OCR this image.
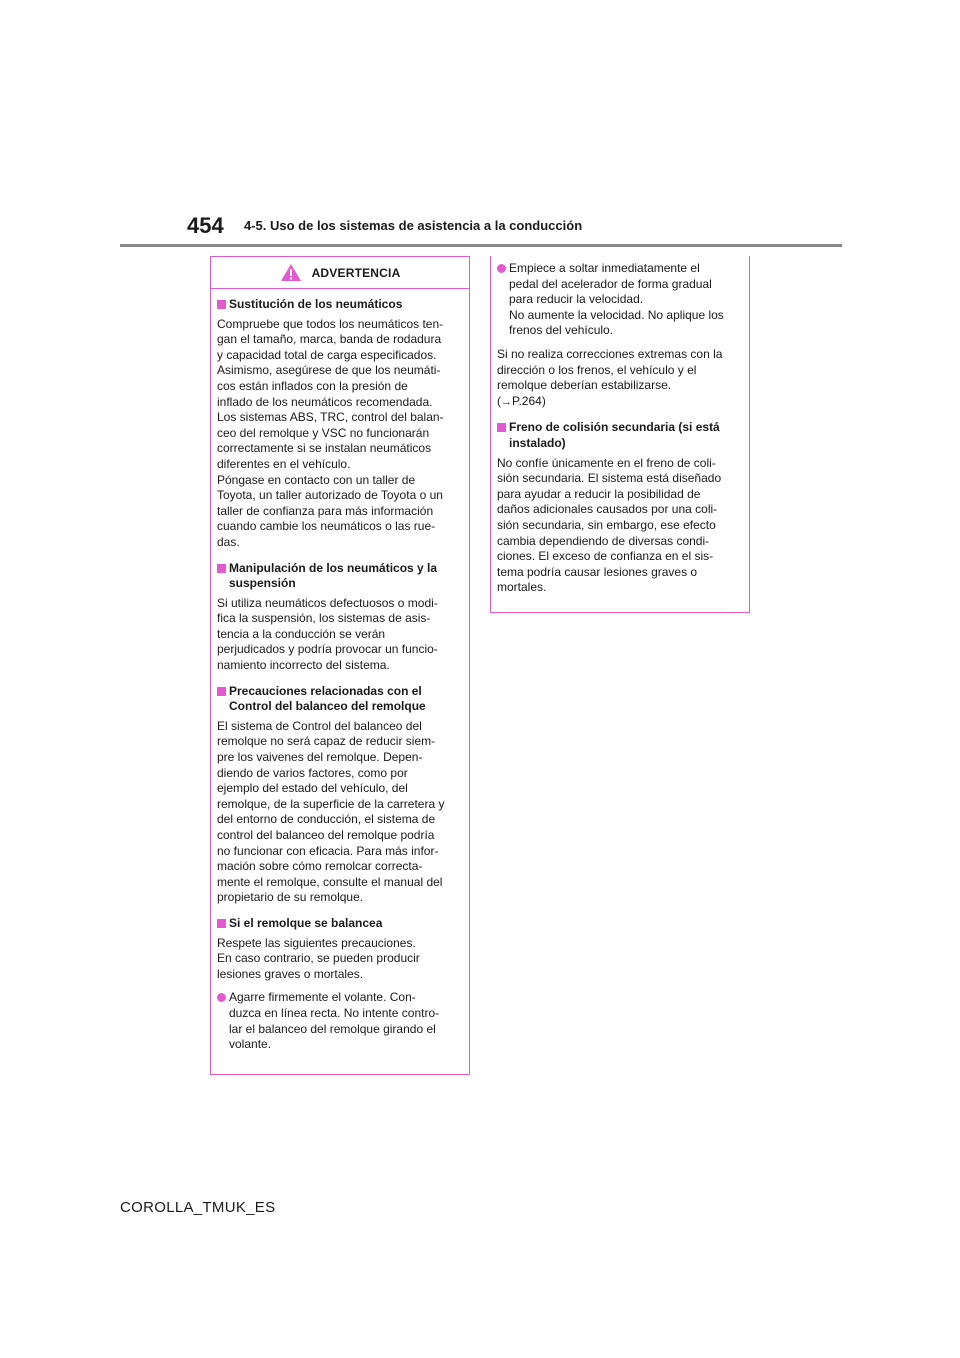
454 4-5. Uso de los sistemas de asistencia a la conducción
ADVERTENCIA
Sustitución de los neumáticos
Compruebe que todos los neumáticos ten-
gan el tamaño, marca, banda de rodadura
y capacidad total de carga especificados.
Asimismo, asegúrese de que los neumáti-
cos están inflados con la presión de
inflado de los neumáticos recomendada.
Los sistemas ABS, TRC, control del balan-
ceo del remolque y VSC no funcionarán
correctamente si se instalan neumáticos
diferentes en el vehículo.
Póngase en contacto con un taller de
Toyota, un taller autorizado de Toyota o un
taller de confianza para más información
cuando cambie los neumáticos o las rue-
das.
Manipulación de los neumáticos y la
suspensión
Si utiliza neumáticos defectuosos o modi-
fica la suspensión, los sistemas de asis-
tencia a la conducción se verán
perjudicados y podría provocar un funcio-
namiento incorrecto del sistema.
Precauciones relacionadas con el
Control del balanceo del remolque
El sistema de Control del balanceo del
remolque no será capaz de reducir siem-
pre los vaivenes del remolque. Depen-
diendo de varios factores, como por
ejemplo del estado del vehículo, del
remolque, de la superficie de la carretera y
del entorno de conducción, el sistema de
control del balanceo del remolque podría
no funcionar con eficacia. Para más infor-
mación sobre cómo remolcar correcta-
mente el remolque, consulte el manual del
propietario de su remolque.
Si el remolque se balancea
Respete las siguientes precauciones.
En caso contrario, se pueden producir
lesiones graves o mortales.
Agarre firmemente el volante. Con-
duzca en línea recta. No intente contro-
lar el balanceo del remolque girando el
volante.
Empiece a soltar inmediatamente el
pedal del acelerador de forma gradual
para reducir la velocidad.
No aumente la velocidad. No aplique los
frenos del vehículo.
Si no realiza correcciones extremas con la
dirección o los frenos, el vehículo y el
remolque deberían estabilizarse.
(→P.264)
Freno de colisión secundaria (si está
instalado)
No confíe únicamente en el freno de coli-
sión secundaria. El sistema está diseñado
para ayudar a reducir la posibilidad de
daños adicionales causados por una coli-
sión secundaria, sin embargo, ese efecto
cambia dependiendo de diversas condi-
ciones. El exceso de confianza en el sis-
tema podría causar lesiones graves o
mortales.
COROLLA_TMUK_ES
